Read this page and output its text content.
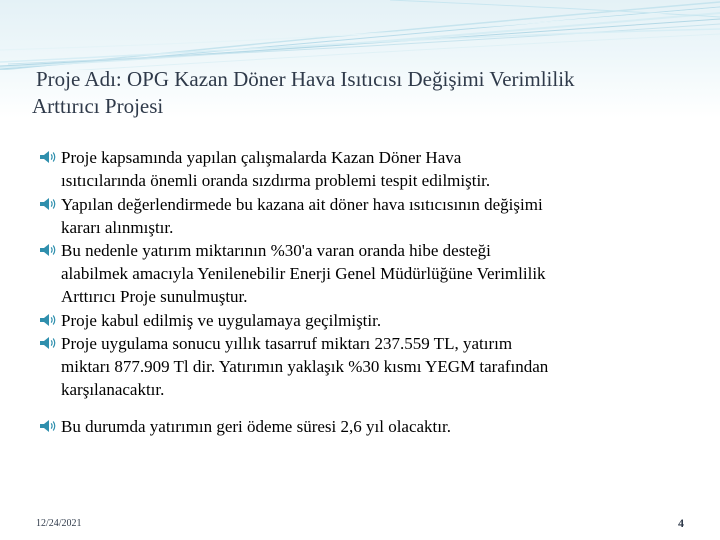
Proje Adı: OPG Kazan Döner Hava Isıtıcısı Değişimi Verimlilik
Arttırıcı Projesi
Proje kapsamında yapılan çalışmalarda Kazan Döner Hava
ısıtıcılarında önemli oranda sızdırma problemi tespit edilmiştir.
Yapılan değerlendirmede bu kazana ait döner hava ısıtıcısının değişimi
kararı alınmıştır.
Bu nedenle yatırım miktarının %30'a varan oranda hibe desteği
alabilmek amacıyla Yenilenebilir Enerji Genel Müdürlüğüne Verimlilik
Arttırıcı Proje sunulmuştur.
Proje kabul edilmiş ve uygulamaya geçilmiştir.
Proje uygulama sonucu yıllık tasarruf miktarı 237.559 TL, yatırım
miktarı 877.909 Tl dir. Yatırımın yaklaşık %30 kısmı YEGM tarafından
karşılanacaktır.
Bu durumda yatırımın geri ödeme süresi 2,6 yıl olacaktır.
12/24/2021	4
